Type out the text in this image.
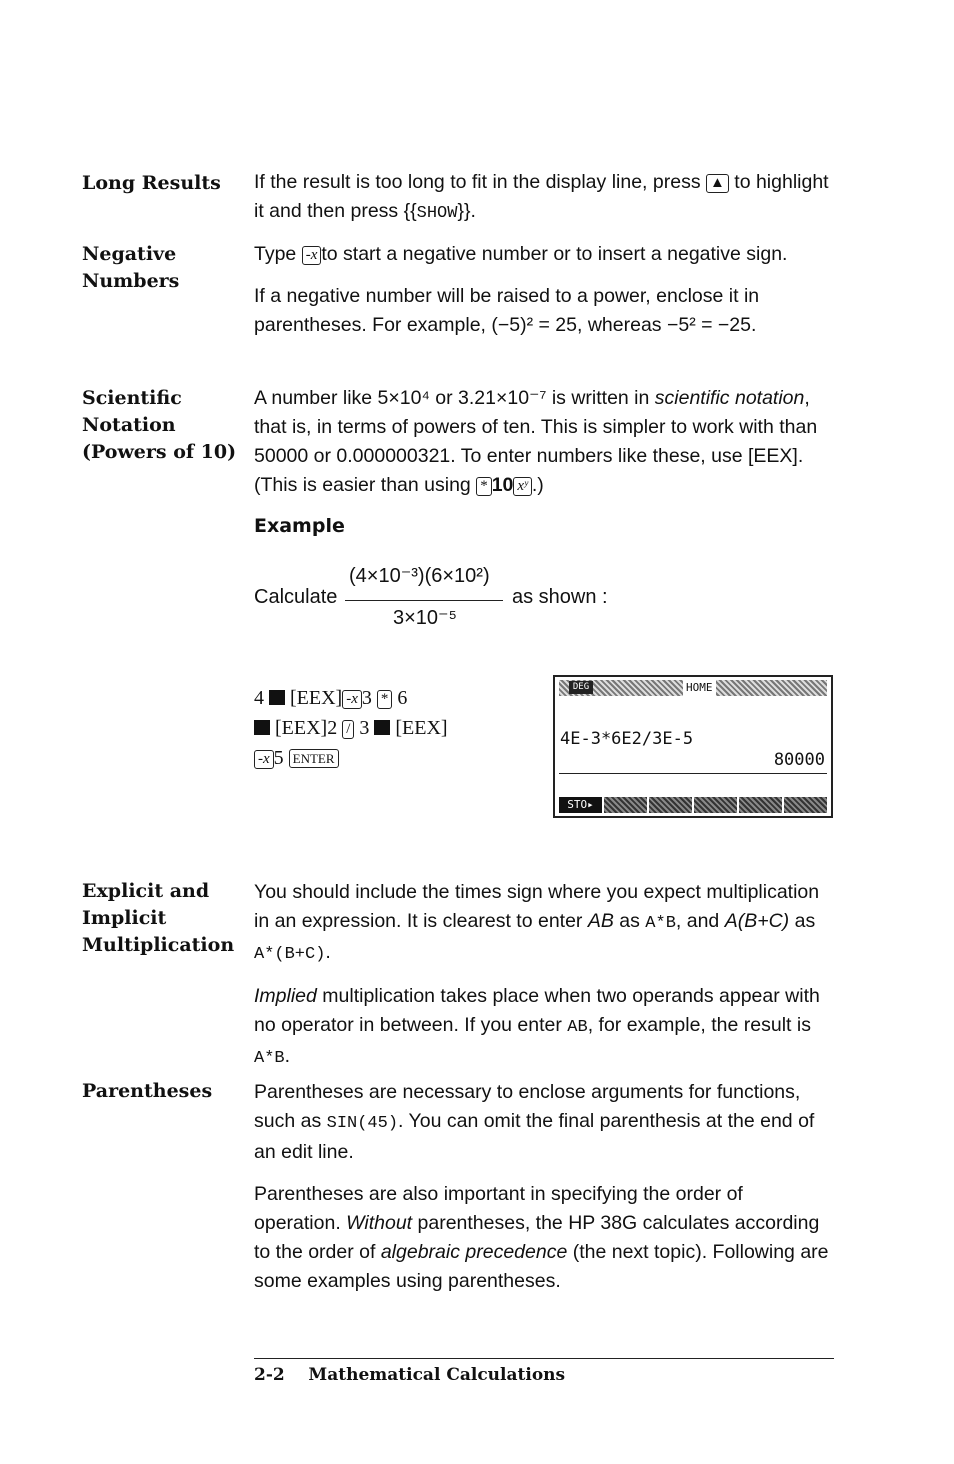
Long Results If the result is too long to fit in the display line, press ▲ to highlight it and then press {{SHOW}}.

Negative
Numbers

Type -x to start a negative number or to insert a negative sign.

If a negative number will be raised to a power, enclose it in parentheses. For example, (−5)² = 25, whereas −5² = −25.

Scientific
Notation
(Powers of 10)

A number like 5×10⁴ or 3.21×10⁻⁷ is written in scientific notation, that is, in terms of powers of ten. This is simpler to work with than 50000 or 0.000000321. To enter numbers like these, use [EEX]. (This is easier than using * 10 xʸ .)

Example
Calculate
(4×10⁻³)(6×10²)
3×10⁻⁵
as shown :
4 [EEX] -x 3 * 6
[EEX]2 / 3 [EEX]
-x 5 ENTER
DEG	HOME
4E-3*6E2/3E-5
80000
STO▸
Explicit and
Implicit
Multiplication

You should include the times sign where you expect multiplication in an expression. It is clearest to enter AB as A*B, and A(B+C) as A*(B+C).

Implied multiplication takes place when two operands appear with no operator in between. If you enter AB, for example, the result is A*B.

Parentheses Parentheses are necessary to enclose arguments for functions, such as SIN(45). You can omit the final parenthesis at the end of an edit line.

Parentheses are also important in specifying the order of operation. Without parentheses, the HP 38G calculates according to the order of algebraic precedence (the next topic). Following are some examples using parentheses.

2-2 Mathematical Calculations
